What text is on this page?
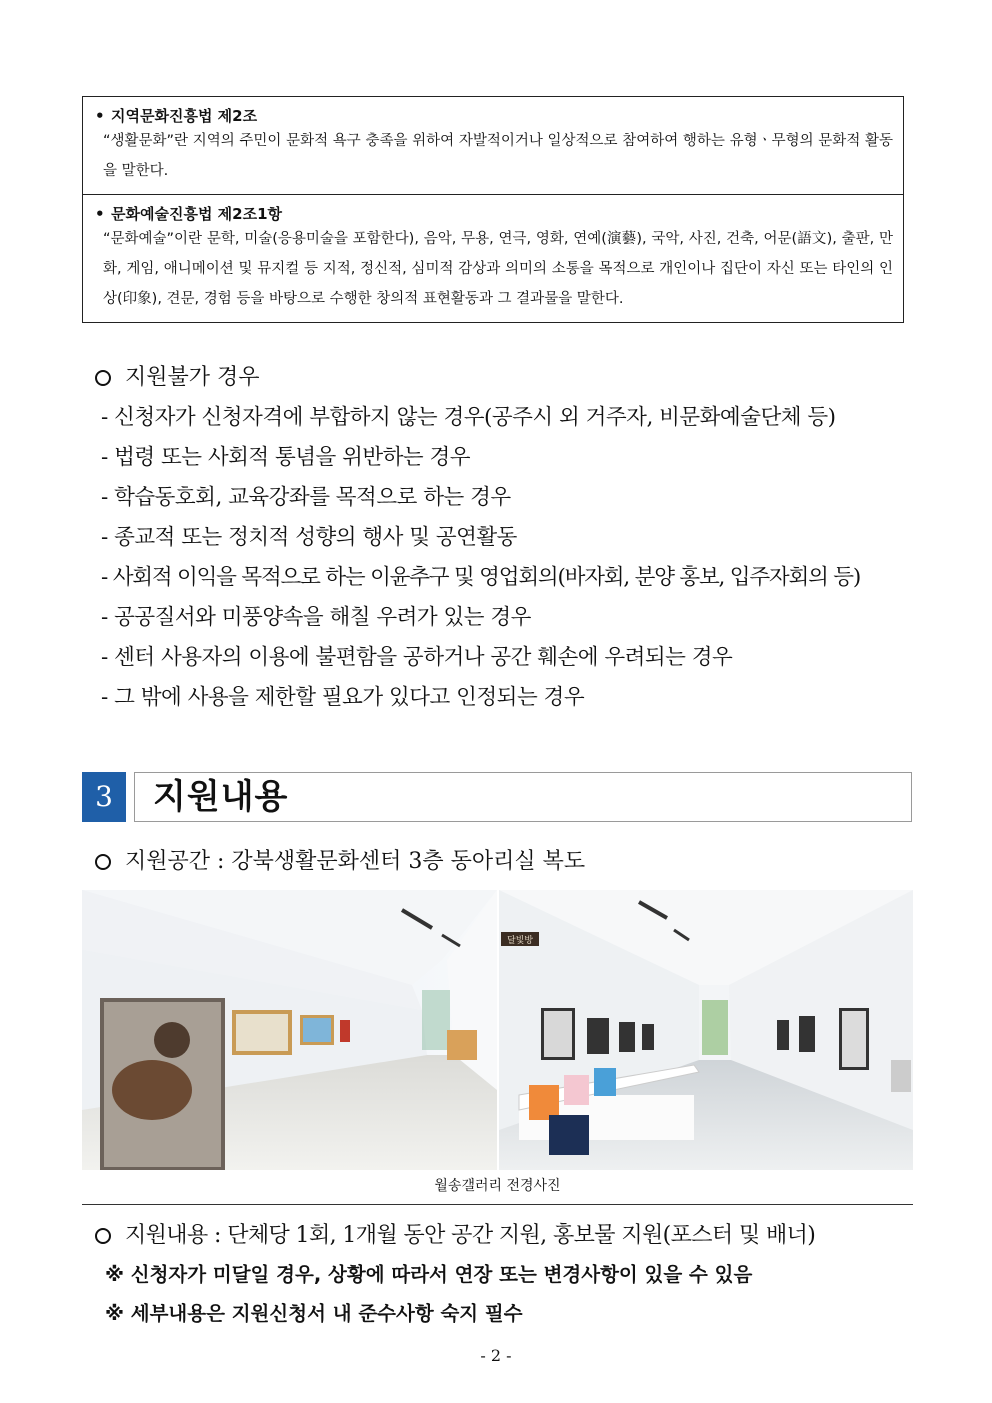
• 지역문화진흥법 제2조
“생활문화”란 지역의 주민이 문화적 욕구 충족을 위하여 자발적이거나 일상적으로 참여하여 행하는 유형ㆍ무형의 문화적 활동을 말한다.
• 문화예술진흥법 제2조1항
“문화예술”이란 문학, 미술(응용미술을 포함한다), 음악, 무용, 연극, 영화, 연예(演藝), 국악, 사진, 건축, 어문(語文), 출판, 만화, 게임, 애니메이션 및 뮤지컬 등 지적, 정신적, 심미적 감상과 의미의 소통을 목적으로 개인이나 집단이 자신 또는 타인의 인상(印象), 견문, 경험 등을 바탕으로 수행한 창의적 표현활동과 그 결과물을 말한다.
지원불가 경우
- 신청자가 신청자격에 부합하지 않는 경우(공주시 외 거주자, 비문화예술단체 등)
- 법령 또는 사회적 통념을 위반하는 경우
- 학습동호회, 교육강좌를 목적으로 하는 경우
- 종교적 또는 정치적 성향의 행사 및 공연활동
- 사회적 이익을 목적으로 하는 이윤추구 및 영업회의(바자회, 분양 홍보, 입주자회의 등)
- 공공질서와 미풍양속을 해칠 우려가 있는 경우
- 센터 사용자의 이용에 불편함을 공하거나 공간 훼손에 우려되는 경우
- 그 밖에 사용을 제한할 필요가 있다고 인정되는 경우
3	지원내용
지원공간 : 강북생활문화센터 3층 동아리실 복도
달빛방
월송갤러리 전경사진
지원내용 : 단체당 1회, 1개월 동안 공간 지원, 홍보물 지원(포스터 및 배너)
※ 신청자가 미달일 경우, 상황에 따라서 연장 또는 변경사항이 있을 수 있음
※ 세부내용은 지원신청서 내 준수사항 숙지 필수
- 2 -
